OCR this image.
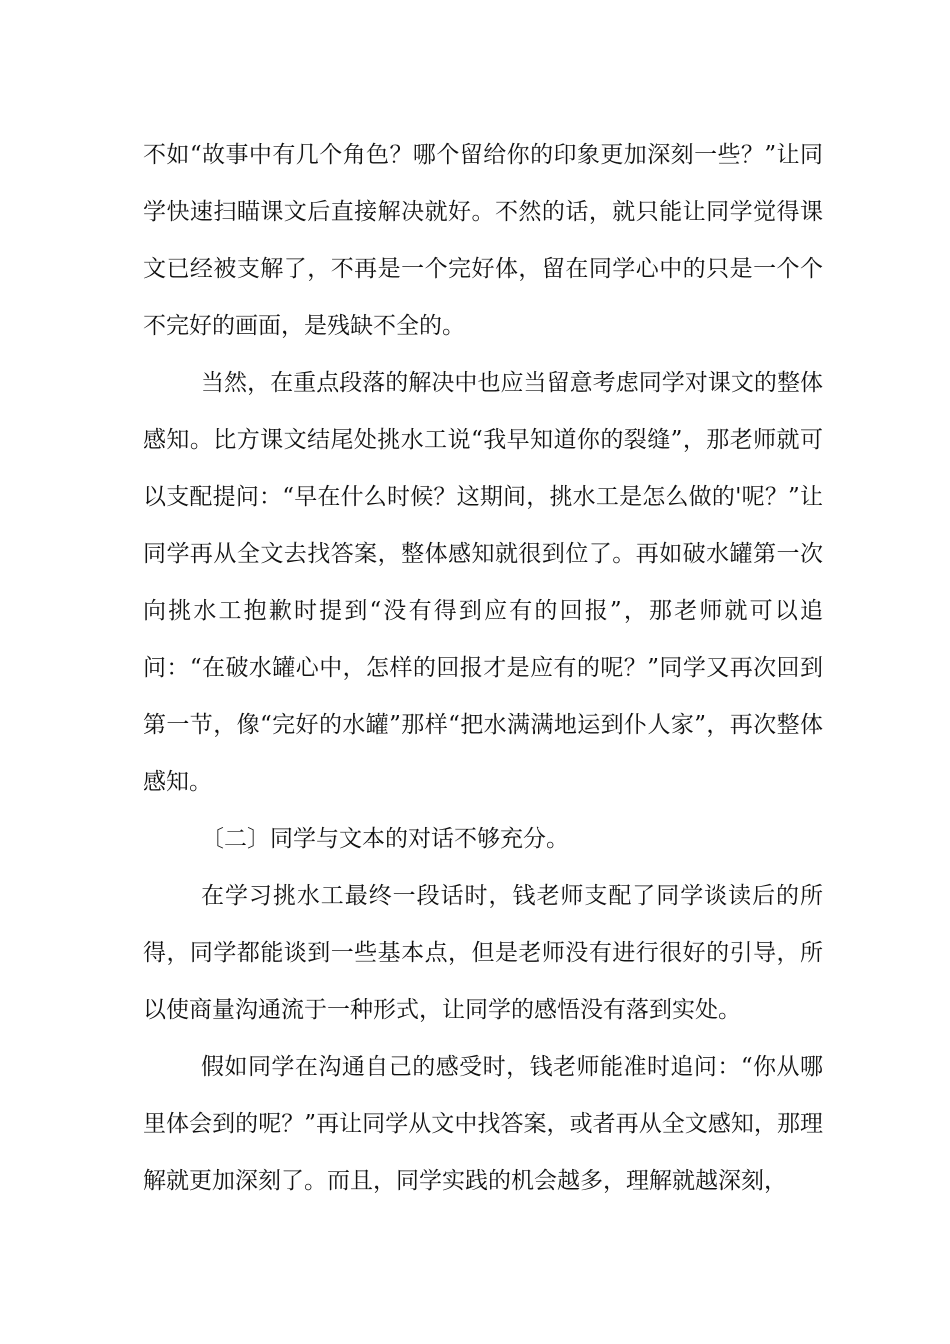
不如“故事中有几个角色？哪个留给你的印象更加深刻一些？”让同学快速扫瞄课文后直接解决就好。不然的话，就只能让同学觉得课文已经被支解了，不再是一个完好体，留在同学心中的只是一个个不完好的画面，是残缺不全的。

当然，在重点段落的解决中也应当留意考虑同学对课文的整体感知。比方课文结尾处挑水工说“我早知道你的裂缝”，那老师就可以支配提问：“早在什么时候？这期间，挑水工是怎么做的'呢？”让同学再从全文去找答案，整体感知就很到位了。再如破水罐第一次向挑水工抱歉时提到“没有得到应有的回报”，那老师就可以追问：“在破水罐心中，怎样的回报才是应有的呢？”同学又再次回到第一节，像“完好的水罐”那样“把水满满地运到仆人家”，再次整体感知。

〔二〕同学与文本的对话不够充分。

在学习挑水工最终一段话时，钱老师支配了同学谈读后的所得，同学都能谈到一些基本点，但是老师没有进行很好的引导，所以使商量沟通流于一种形式，让同学的感悟没有落到实处。

假如同学在沟通自己的感受时，钱老师能准时追问：“你从哪里体会到的呢？”再让同学从文中找答案，或者再从全文感知，那理解就更加深刻了。而且，同学实践的机会越多，理解就越深刻，
